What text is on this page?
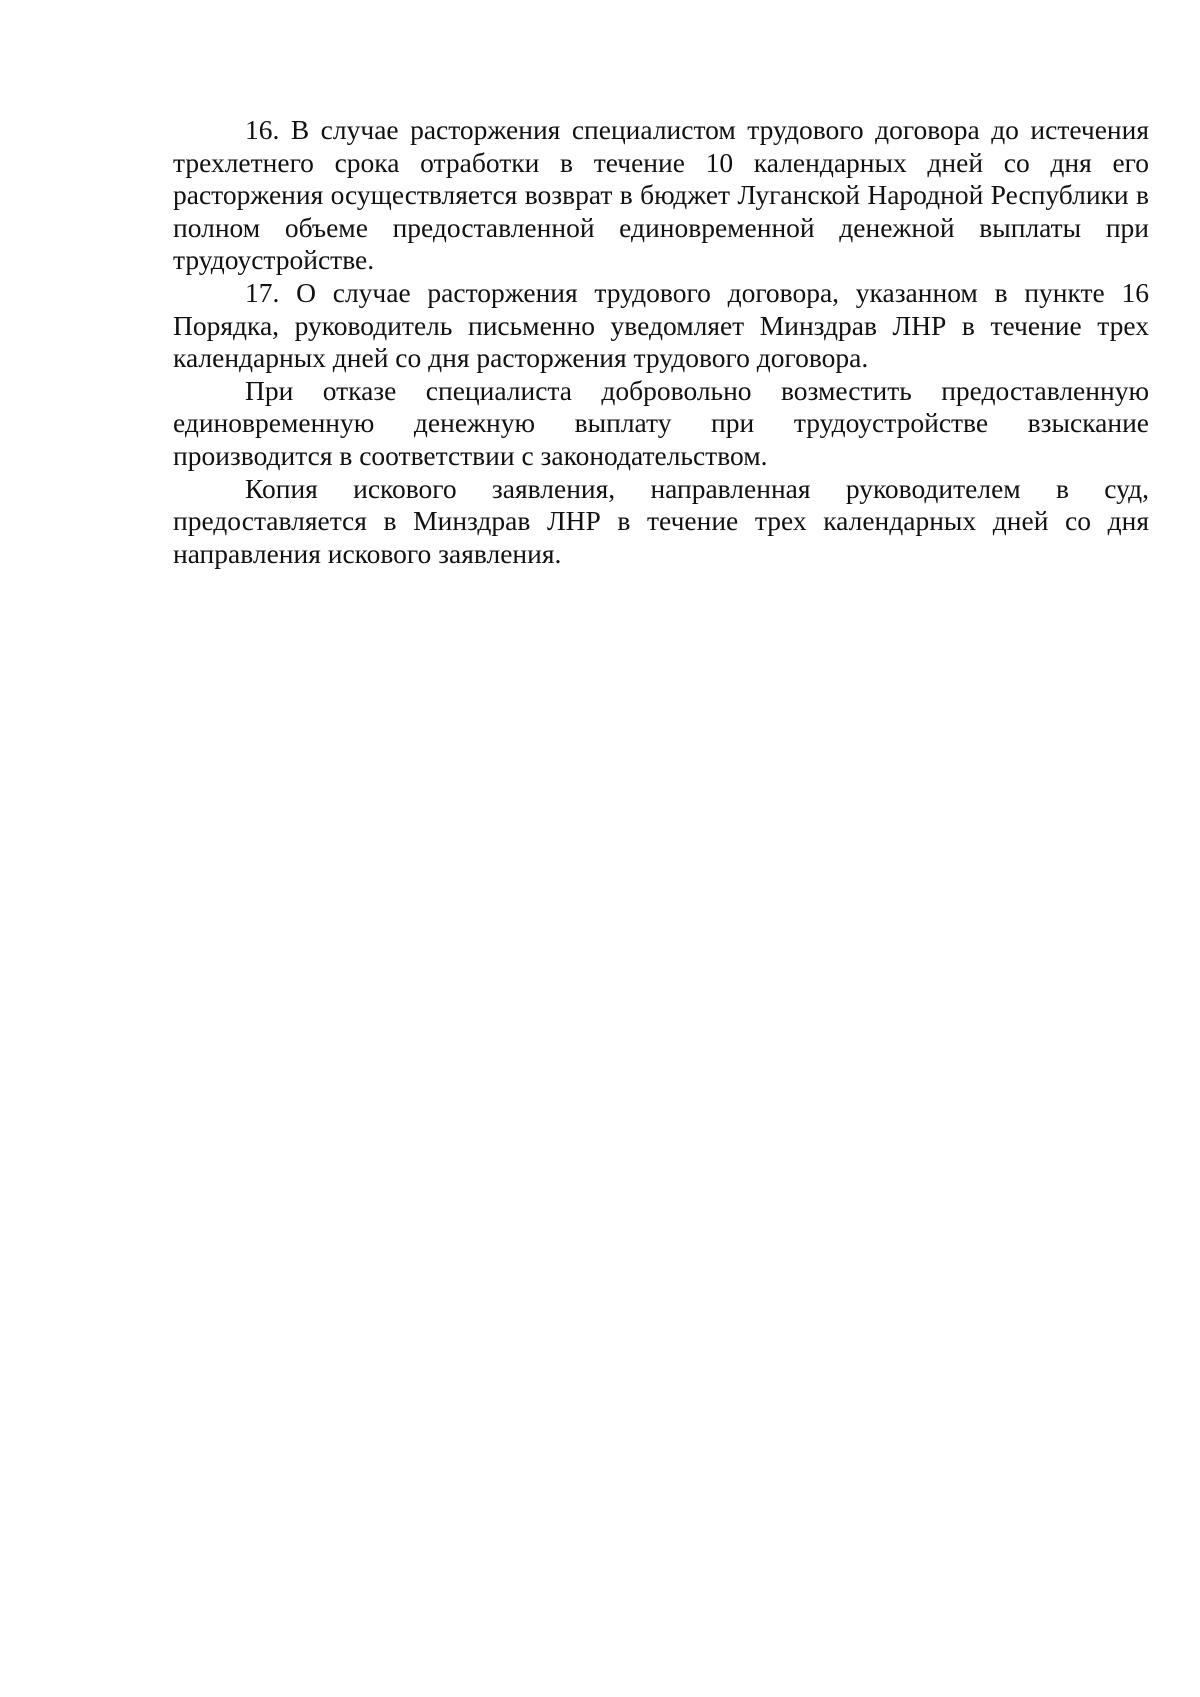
16. В случае расторжения специалистом трудового договора до истечения трехлетнего срока отработки в течение 10 календарных дней со дня его расторжения осуществляется возврат в бюджет Луганской Народной Республики в полном объеме предоставленной единовременной денежной выплаты при трудоустройстве.

17. О случае расторжения трудового договора, указанном в пункте 16 Порядка, руководитель письменно уведомляет Минздрав ЛНР в течение трех календарных дней со дня расторжения трудового договора.

При отказе специалиста добровольно возместить предоставленную единовременную денежную выплату при трудоустройстве взыскание производится в соответствии с законодательством.

Копия искового заявления, направленная руководителем в суд, предоставляется в Минздрав ЛНР в течение трех календарных дней со дня направления искового заявления.
